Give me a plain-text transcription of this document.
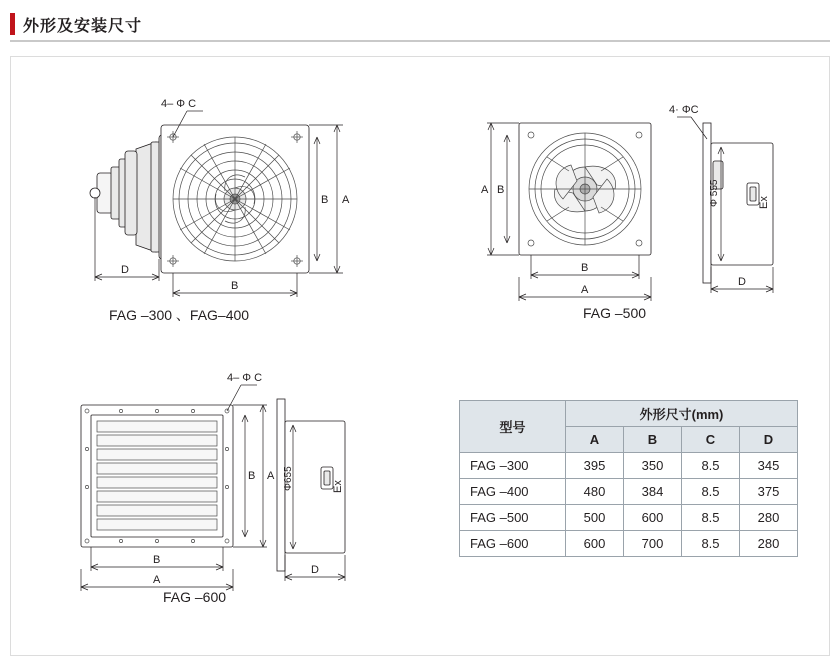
外形及安装尺寸
4– Φ C
A
B
B
D
FAG –300 、FAG–400
A B
B
A
4· ΦC
Φ 555	Ex
D
FAG –500
4– Φ C
A
B
B
A
Φ655	Ex
D
FAG –600
型号	外形尺寸(mm)			
	A	B	C	D
FAG –300	395	350	8.5	345
FAG –400	480	384	8.5	375
FAG –500	500	600	8.5	280
FAG –600	600	700	8.5	280
